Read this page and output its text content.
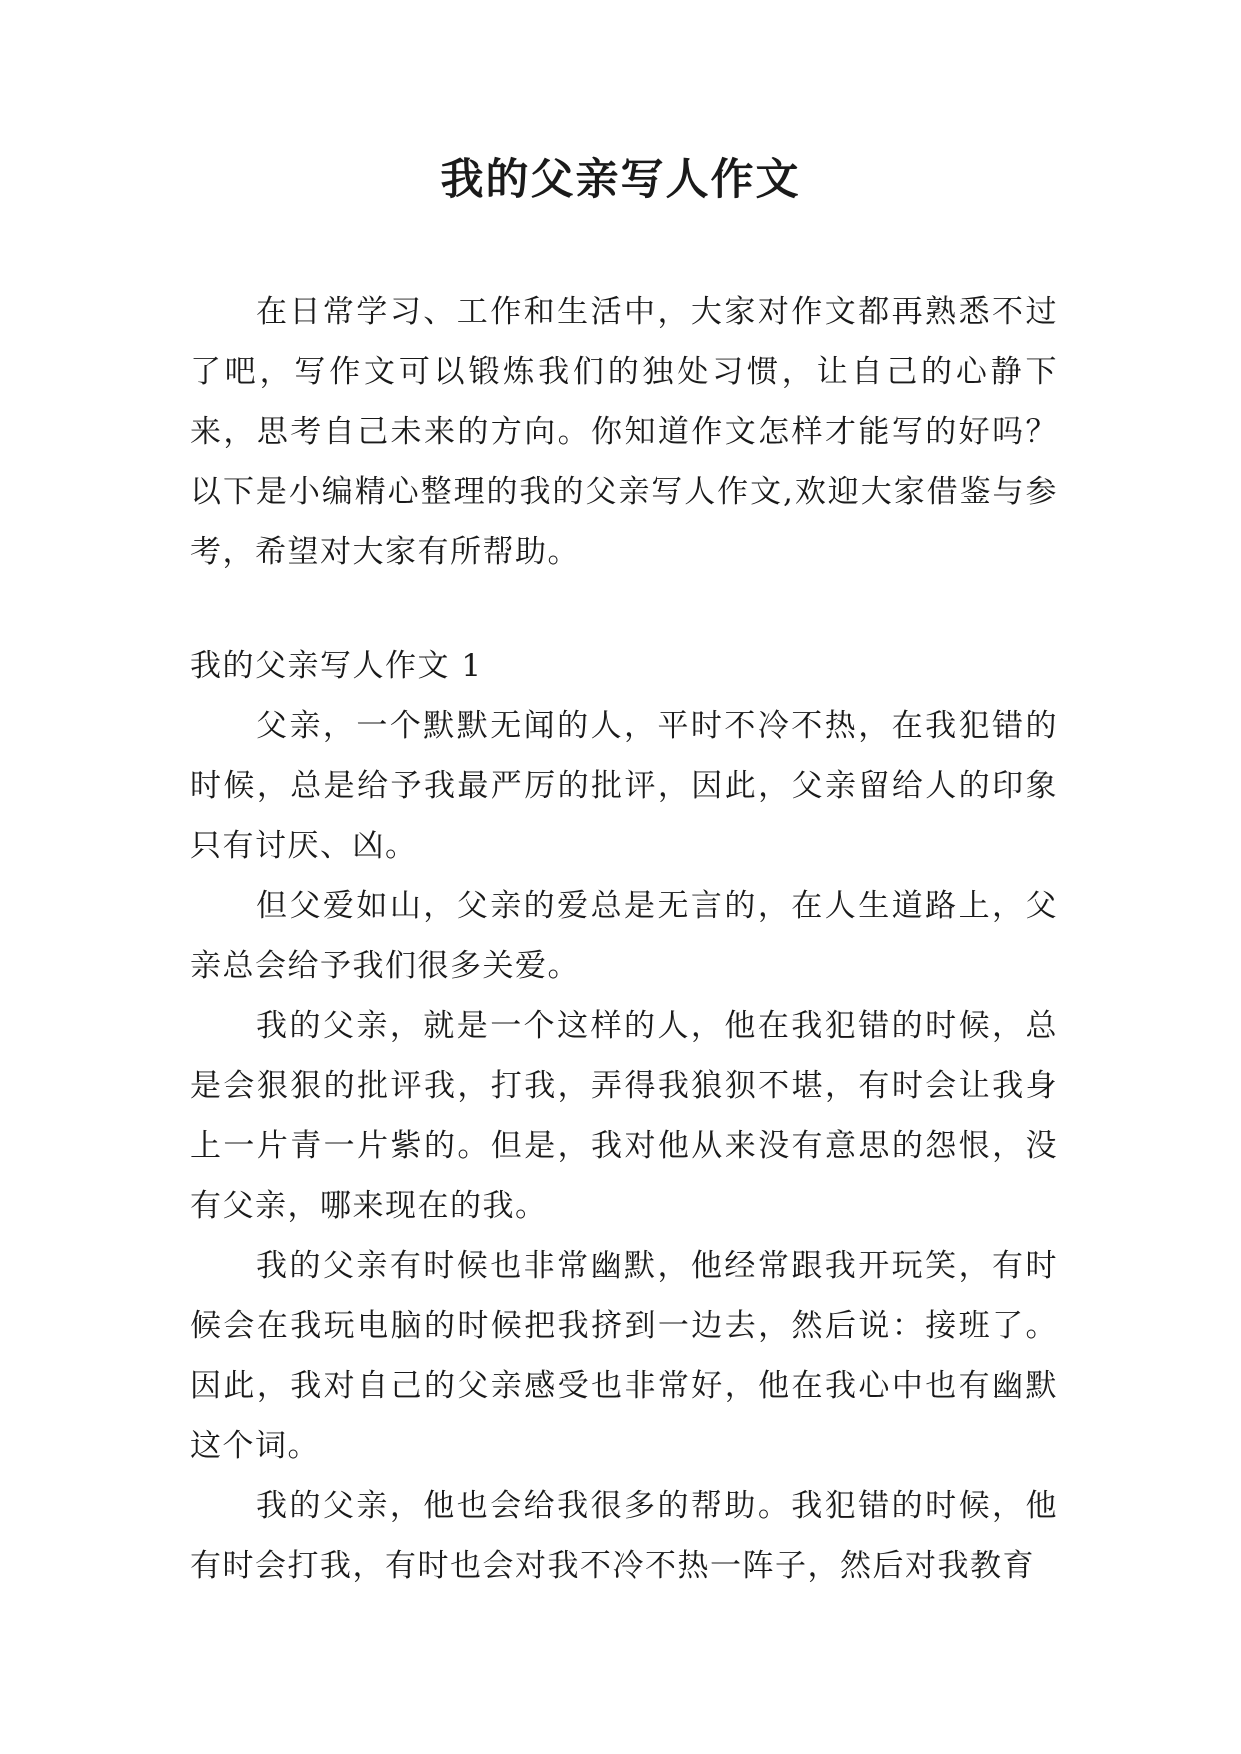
我的父亲写人作文

在日常学习、工作和生活中，大家对作文都再熟悉不过了吧，写作文可以锻炼我们的独处习惯，让自己的心静下来，思考自己未来的方向。你知道作文怎样才能写的好吗？以下是小编精心整理的我的父亲写人作文,欢迎大家借鉴与参考，希望对大家有所帮助。

我的父亲写人作文 1

父亲，一个默默无闻的人，平时不冷不热，在我犯错的时候，总是给予我最严厉的批评，因此，父亲留给人的印象只有讨厌、凶。

但父爱如山，父亲的爱总是无言的，在人生道路上，父亲总会给予我们很多关爱。

我的父亲，就是一个这样的人，他在我犯错的时候，总是会狠狠的批评我，打我，弄得我狼狈不堪，有时会让我身上一片青一片紫的。但是，我对他从来没有意思的怨恨，没有父亲，哪来现在的我。

我的父亲有时候也非常幽默，他经常跟我开玩笑，有时候会在我玩电脑的时候把我挤到一边去，然后说：接班了。因此，我对自己的父亲感受也非常好，他在我心中也有幽默这个词。

我的父亲，他也会给我很多的帮助。我犯错的时候，他有时会打我，有时也会对我不冷不热一阵子，然后对我教育
